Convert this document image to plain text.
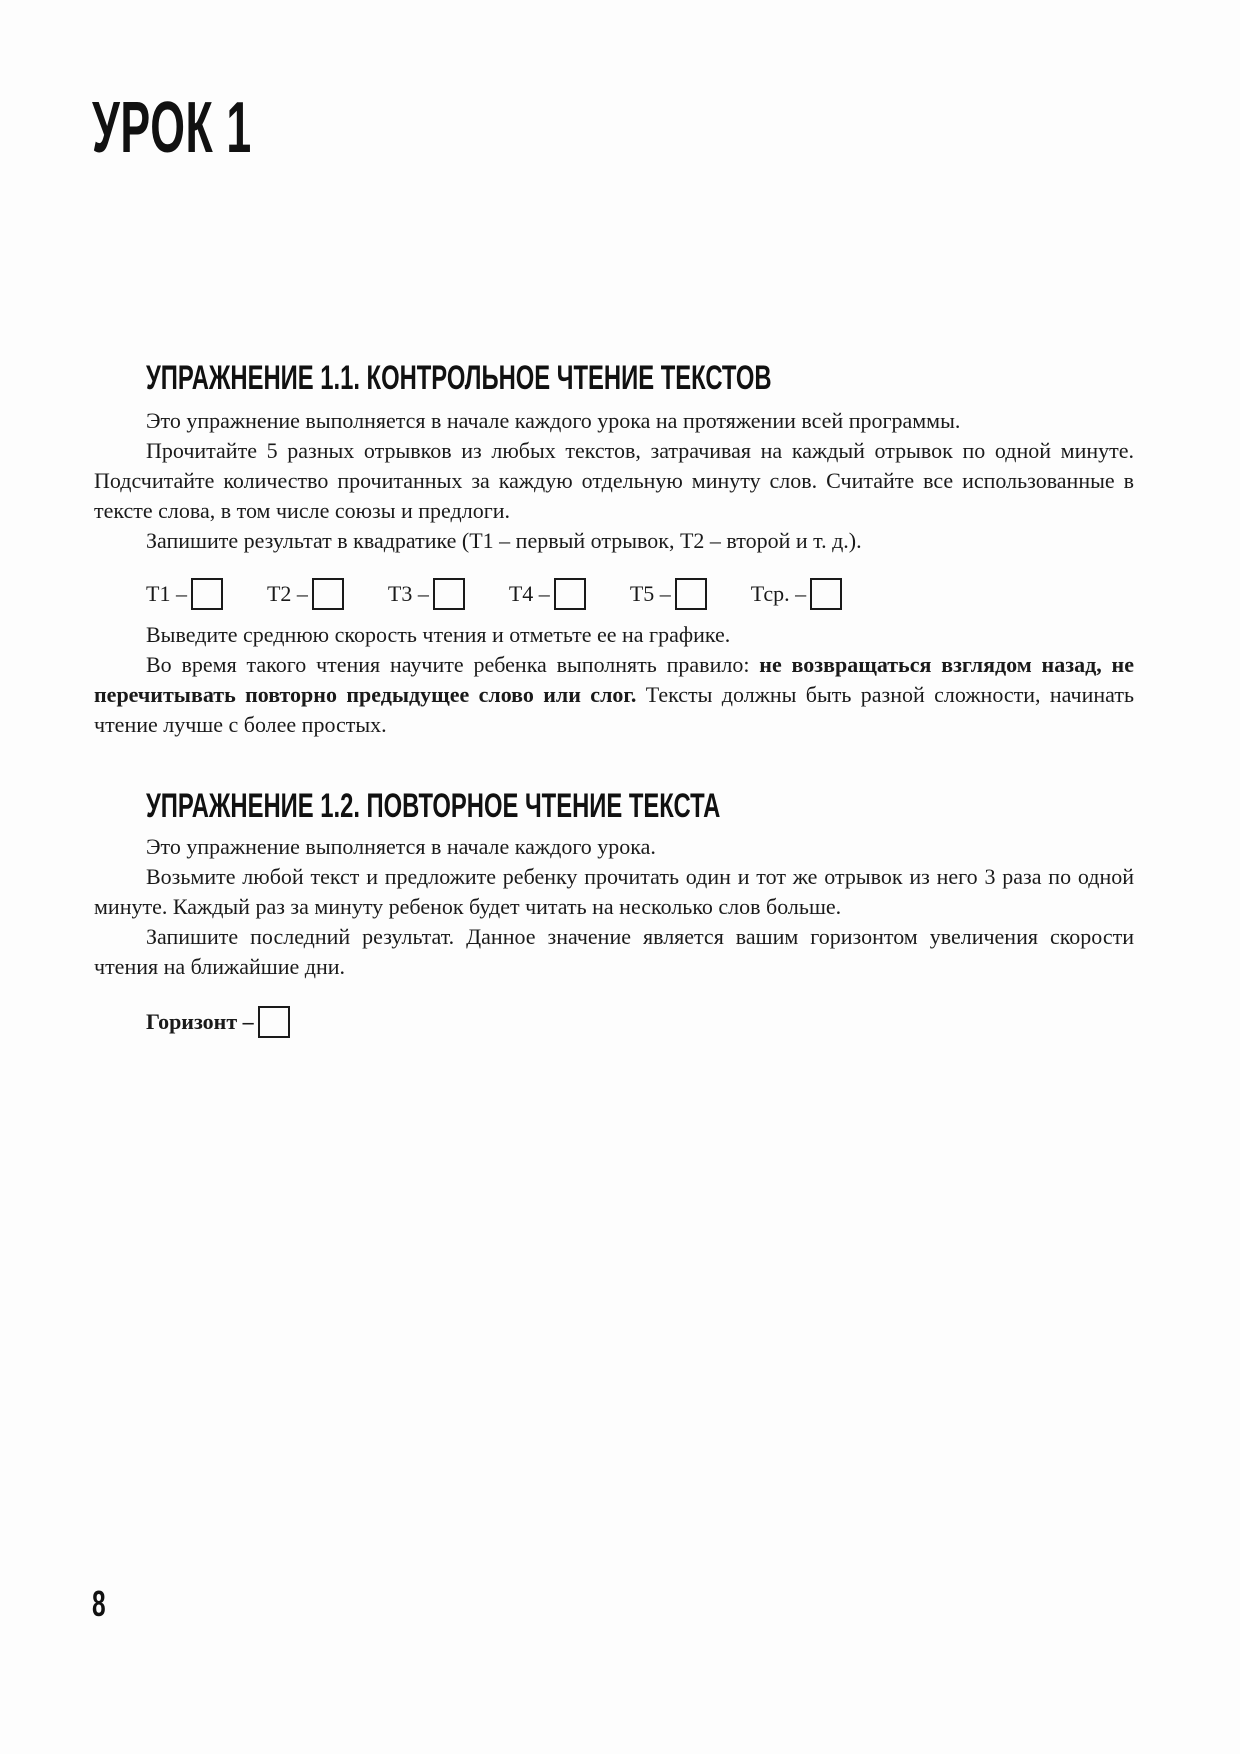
УРОК 1
УПРАЖНЕНИЕ 1.1. КОНТРОЛЬНОЕ ЧТЕНИЕ ТЕКСТОВ

Это упражнение выполняется в начале каждого урока на протяжении всей программы.

Прочитайте 5 разных отрывков из любых текстов, затрачивая на каждый отрывок по одной минуте. Подсчитайте количество прочитанных за каждую отдельную минуту слов. Считайте все использованные в тексте слова, в том числе союзы и предлоги.

Запишите результат в квадратике (Т1 – первый отрывок, Т2 – второй и т. д.).

Т1 –	Т2 –	Т3 –	Т4 –	Т5 –	Тср. –

Выведите среднюю скорость чтения и отметьте ее на графике.

Во время такого чтения научите ребенка выполнять правило: не возвращаться взглядом назад, не перечитывать повторно предыдущее слово или слог. Тексты должны быть разной сложности, начинать чтение лучше с более простых.

УПРАЖНЕНИЕ 1.2. ПОВТОРНОЕ ЧТЕНИЕ ТЕКСТА

Это упражнение выполняется в начале каждого урока.

Возьмите любой текст и предложите ребенку прочитать один и тот же отрывок из него 3 раза по одной минуте. Каждый раз за минуту ребенок будет читать на несколько слов больше.

Запишите последний результат. Данное значение является вашим горизонтом увеличения скорости чтения на ближайшие дни.

Горизонт –
8
